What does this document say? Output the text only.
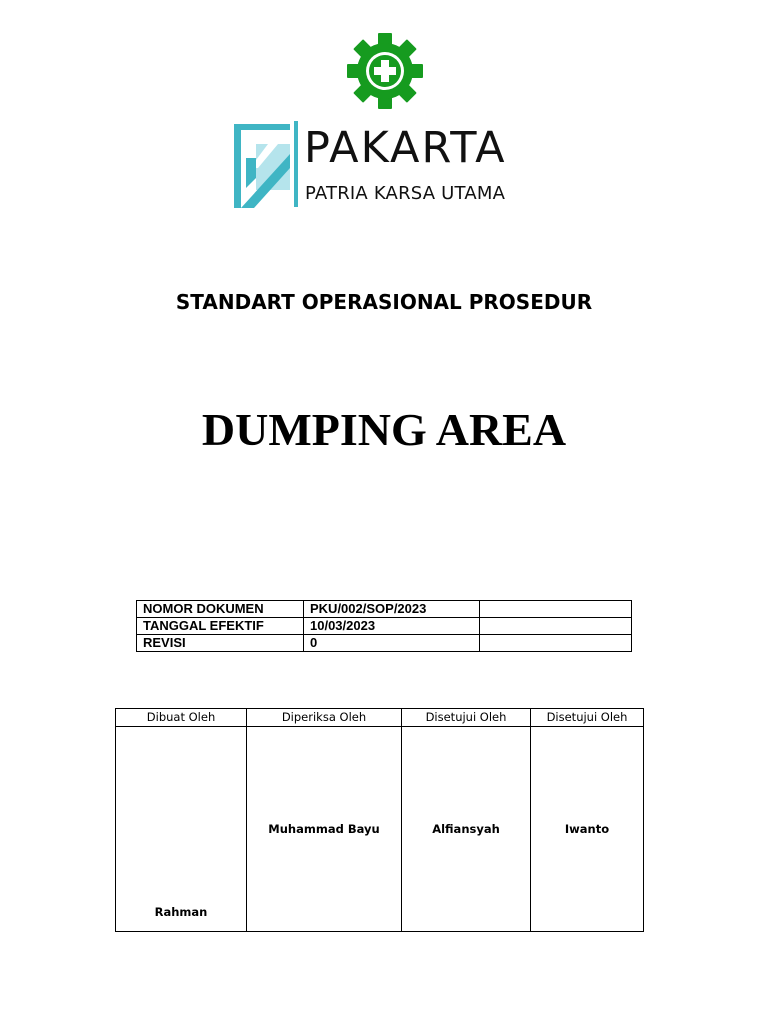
PAKARTA
PATRIA KARSA UTAMA
STANDART OPERASIONAL PROSEDUR
DUMPING AREA
NOMOR DOKUMEN	PKU/002/SOP/2023	
TANGGAL EFEKTIF	10/03/2023	
REVISI	0	
Dibuat Oleh	Diperiksa Oleh	Disetujui Oleh	Disetujui Oleh
Rahman	Muhammad Bayu	Alfiansyah	Iwanto
